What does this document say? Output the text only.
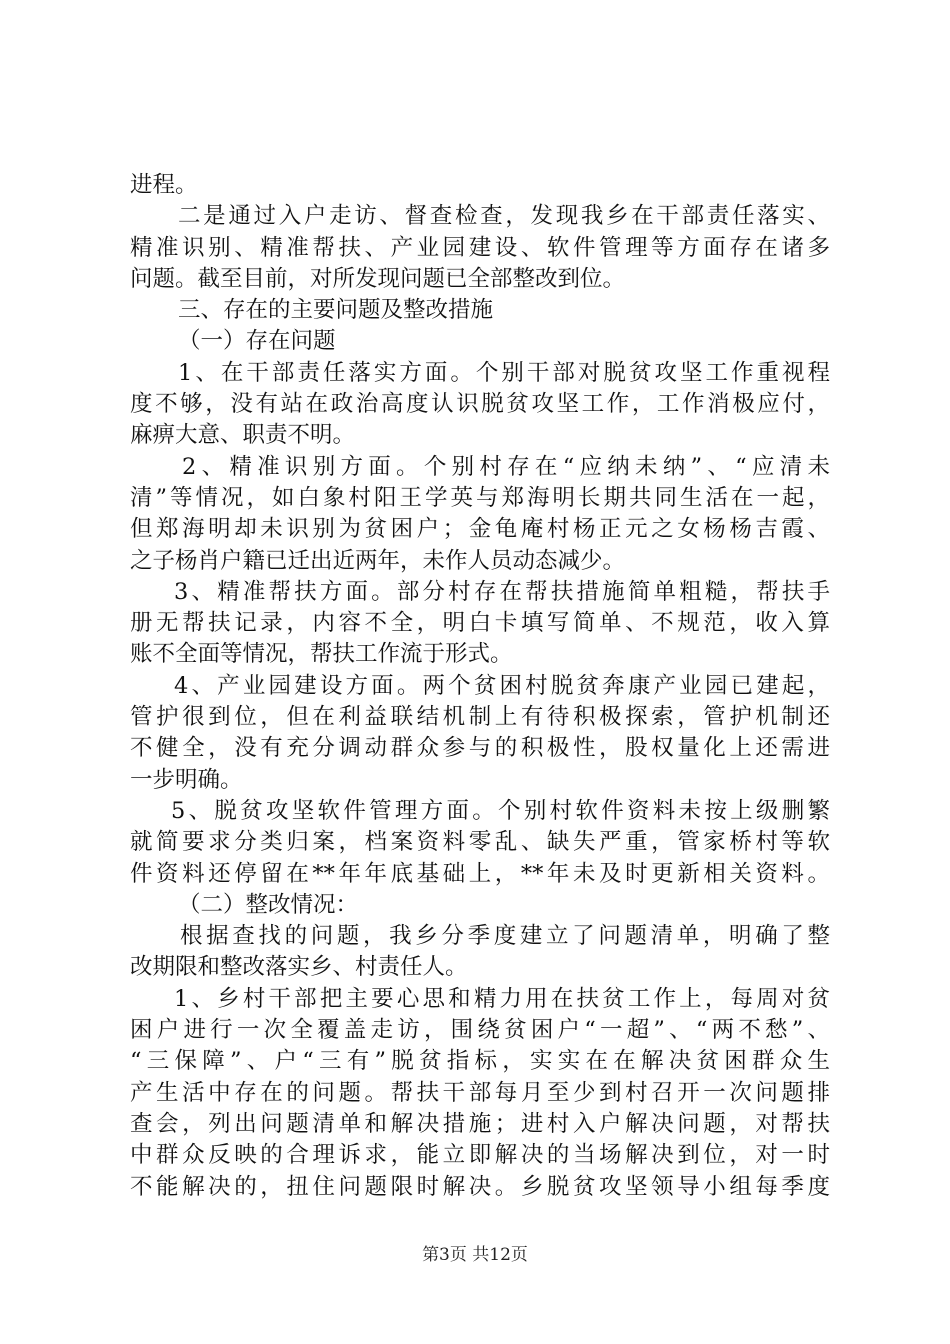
进程。
二是通过入户走访、督查检查，发现我乡在干部责任落实、
精准识别、精准帮扶、产业园建设、软件管理等方面存在诸多
问题。截至目前，对所发现问题已全部整改到位。
三、存在的主要问题及整改措施
（一）存在问题
1、在干部责任落实方面。个别干部对脱贫攻坚工作重视程
度不够，没有站在政治高度认识脱贫攻坚工作，工作消极应付，
麻痹大意、职责不明。
2、精准识别方面。个别村存在“应纳未纳”、“应清未
清”等情况，如白象村阳王学英与郑海明长期共同生活在一起，
但郑海明却未识别为贫困户；金龟庵村杨正元之女杨杨吉霞、
之子杨肖户籍已迁出近两年，未作人员动态减少。
3、精准帮扶方面。部分村存在帮扶措施简单粗糙，帮扶手
册无帮扶记录，内容不全，明白卡填写简单、不规范，收入算
账不全面等情况，帮扶工作流于形式。
4、产业园建设方面。两个贫困村脱贫奔康产业园已建起，
管护很到位，但在利益联结机制上有待积极探索，管护机制还
不健全，没有充分调动群众参与的积极性，股权量化上还需进
一步明确。
5、脱贫攻坚软件管理方面。个别村软件资料未按上级删繁
就简要求分类归案，档案资料零乱、缺失严重，管家桥村等软
件资料还停留在**年年底基础上，**年未及时更新相关资料。
（二）整改情况：
根据查找的问题，我乡分季度建立了问题清单，明确了整
改期限和整改落实乡、村责任人。
1、乡村干部把主要心思和精力用在扶贫工作上，每周对贫
困户进行一次全覆盖走访，围绕贫困户“一超”、“两不愁”、
“三保障”、户“三有”脱贫指标，实实在在解决贫困群众生
产生活中存在的问题。帮扶干部每月至少到村召开一次问题排
查会，列出问题清单和解决措施；进村入户解决问题，对帮扶
中群众反映的合理诉求，能立即解决的当场解决到位，对一时
不能解决的，扭住问题限时解决。乡脱贫攻坚领导小组每季度
第3页 共12页
